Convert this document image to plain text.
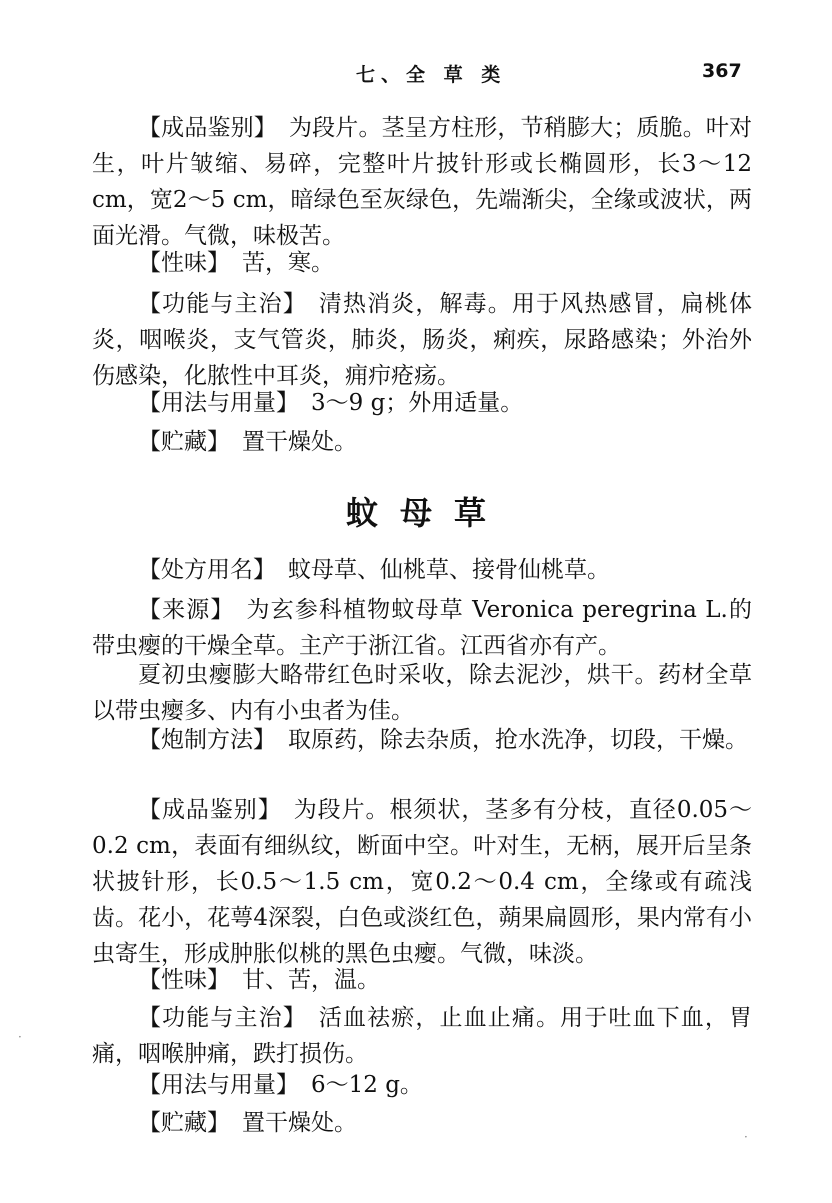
七、全 草 类	367

【成品鉴别】 为段片。茎呈方柱形，节稍膨大；质脆。叶对生，叶片皱缩、易碎，完整叶片披针形或长椭圆形，长3～12 cm，宽2～5 cm，暗绿色至灰绿色，先端渐尖，全缘或波状，两面光滑。气微，味极苦。

【性味】 苦，寒。

【功能与主治】 清热消炎，解毒。用于风热感冒，扁桃体炎，咽喉炎，支气管炎，肺炎，肠炎，痢疾，尿路感染；外治外伤感染，化脓性中耳炎，痈疖疮疡。

【用法与用量】 3～9 g；外用适量。

【贮藏】 置干燥处。

蚊母草

【处方用名】 蚊母草、仙桃草、接骨仙桃草。

【来源】 为玄参科植物蚊母草 Veronica peregrina L.的带虫瘿的干燥全草。主产于浙江省。江西省亦有产。

夏初虫瘿膨大略带红色时采收，除去泥沙，烘干。药材全草以带虫瘿多、内有小虫者为佳。

【炮制方法】 取原药，除去杂质，抢水洗净，切段，干燥。

【成品鉴别】 为段片。根须状，茎多有分枝，直径0.05～0.2 cm，表面有细纵纹，断面中空。叶对生，无柄，展开后呈条状披针形，长0.5～1.5 cm，宽0.2～0.4 cm，全缘或有疏浅齿。花小，花萼4深裂，白色或淡红色，蒴果扁圆形，果内常有小虫寄生，形成肿胀似桃的黑色虫瘿。气微，味淡。

【性味】 甘、苦，温。

【功能与主治】 活血祛瘀，止血止痛。用于吐血下血，胃痛，咽喉肿痛，跌打损伤。

【用法与用量】 6～12 g。

【贮藏】 置干燥处。

·
·
